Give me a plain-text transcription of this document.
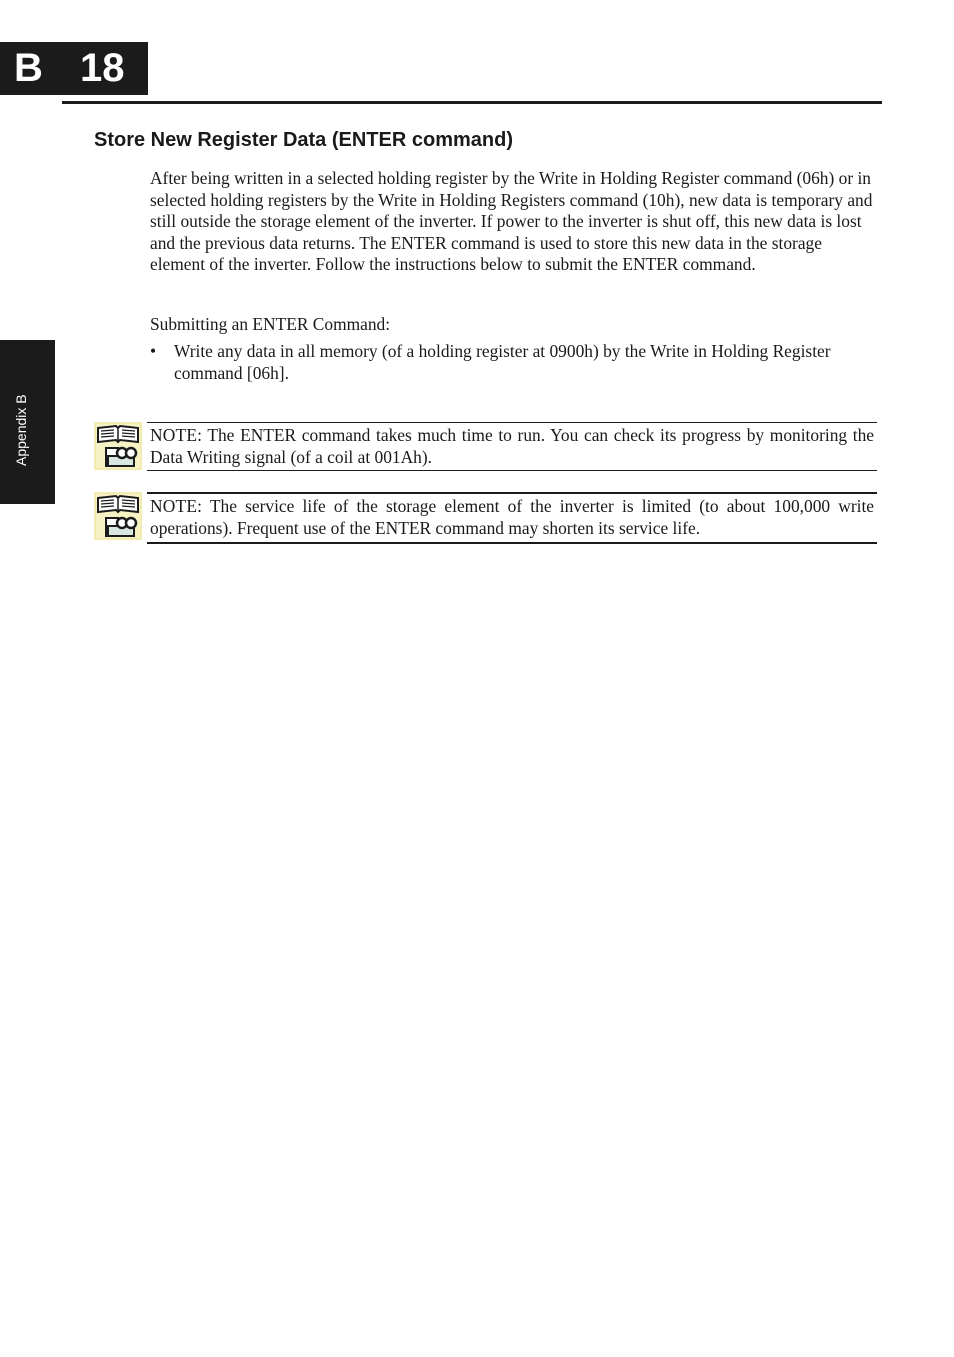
B 18
Appendix B
Store New Register Data (ENTER command)

After being written in a selected holding register by the Write in Holding Register command (06h) or in selected holding registers by the Write in Holding Registers command (10h), new data is temporary and still outside the storage element of the inverter. If power to the inverter is shut off, this new data is lost and the previous data returns. The ENTER command is used to store this new data in the storage element of the inverter. Follow the instructions below to submit the ENTER command.

Submitting an ENTER Command:

• Write any data in all memory (of a holding register at 0900h) by the Write in Holding Register command [06h].

NOTE: The ENTER command takes much time to run. You can check its progress by monitoring the Data Writing signal (of a coil at 001Ah).

NOTE: The service life of the storage element of the inverter is limited (to about 100,000 write operations). Frequent use of the ENTER command may shorten its service life.
